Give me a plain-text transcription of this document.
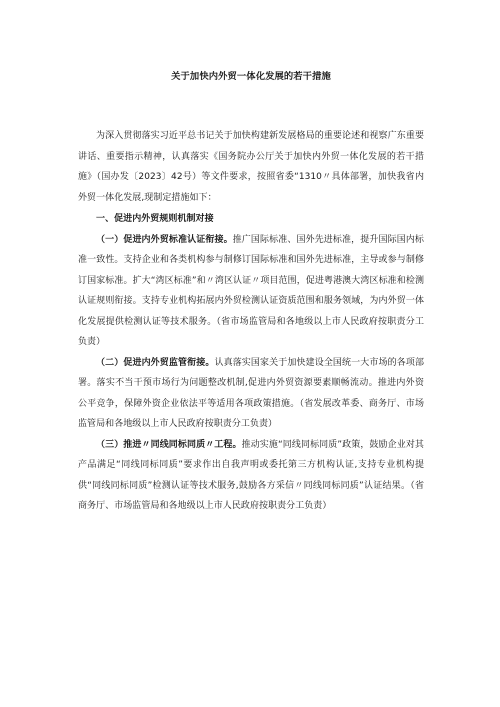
关于加快内外贸一体化发展的若干措施

为深入贯彻落实习近平总书记关于加快构建新发展格局的重要论述和视察广东重要讲话、重要指示精神，认真落实《国务院办公厅关于加快内外贸一体化发展的若干措施》（国办发〔2023〕42号）等文件要求，按照省委“1310〃具体部署，加快我省内外贸一体化发展,现制定措施如下：

一、促进内外贸规则机制对接

（一）促进内外贸标准认证衔接。推广国际标准、国外先进标准，提升国际国内标准一致性。支持企业和各类机构参与制修订国际标准和国外先进标准，主导或参与制修订国家标准。扩大“湾区标准”和〃湾区认证〃项目范围，促进粤港澳大湾区标准和检测认证规则衔接。支持专业机构拓展内外贸检测认证资质范围和服务领域，为内外贸一体化发展提供检测认证等技术服务。（省市场监管局和各地级以上市人民政府按职责分工负责）

（二）促进内外贸监管衔接。认真落实国家关于加快建设全国统一大市场的各项部署。落实不当干预市场行为问题整改机制,促进内外贸资源要素顺畅流动。推进内外资公平竞争，保障外资企业依法平等适用各项政策措施。（省发展改革委、商务厅、市场监管局和各地级以上市人民政府按职责分工负责）

（三）推进〃同线同标同质〃工程。推动实施“同线同标同质”政策，鼓励企业对其产品满足“同线同标同质”要求作出自我声明或委托第三方机构认证,支持专业机构提供“同线同标同质”检测认证等技术服务,鼓励各方采信〃同线同标同质”认证结果。（省商务厅、市场监管局和各地级以上市人民政府按职责分工负责）
